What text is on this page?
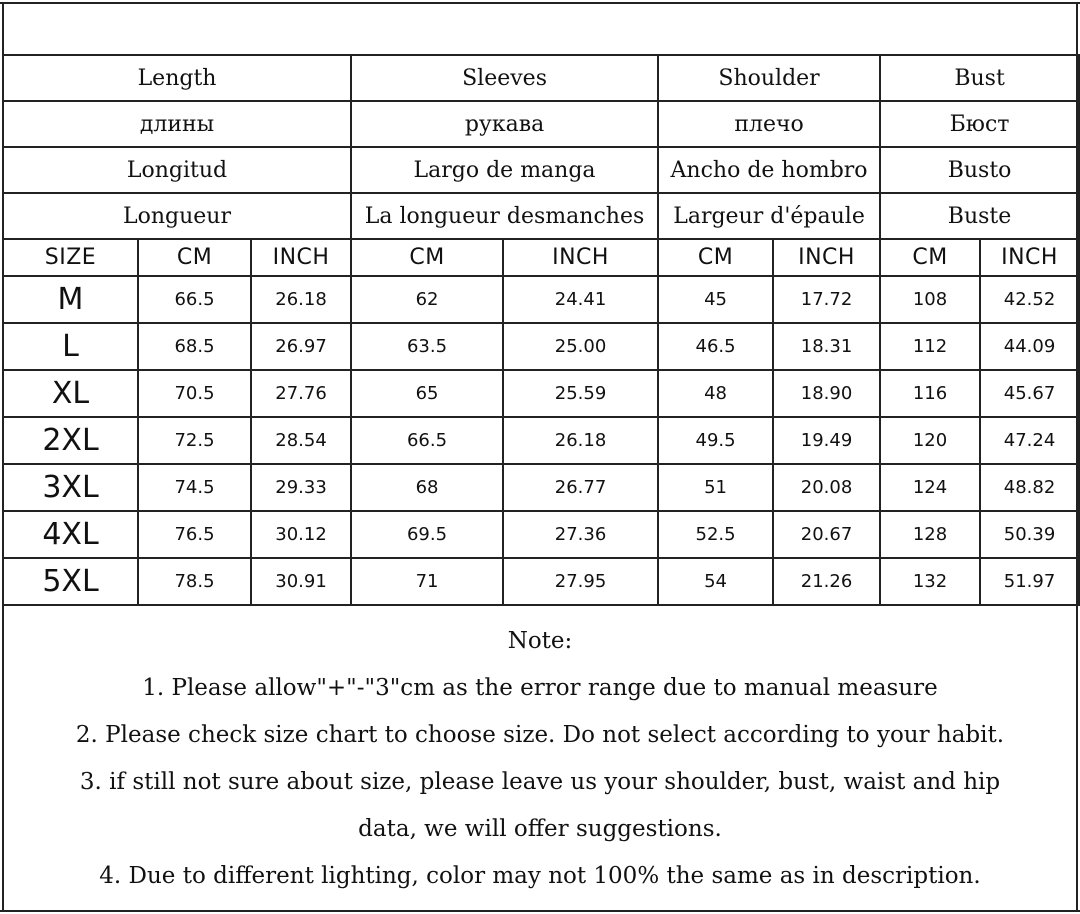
Length			Sleeves		Shoulder		Bust	
длины			рукава		плечо		Бюст	
Longitud			Largo de manga		Ancho de hombro		Busto	
Longueur			La longueur desmanches		Largeur d'épaule		Buste	
SIZE	CM	INCH	CM	INCH	CM	INCH	CM	INCH
M	66.5	26.18	62	24.41	45	17.72	108	42.52
L	68.5	26.97	63.5	25.00	46.5	18.31	112	44.09
XL	70.5	27.76	65	25.59	48	18.90	116	45.67
2XL	72.5	28.54	66.5	26.18	49.5	19.49	120	47.24
3XL	74.5	29.33	68	26.77	51	20.08	124	48.82
4XL	76.5	30.12	69.5	27.36	52.5	20.67	128	50.39
5XL	78.5	30.91	71	27.95	54	21.26	132	51.97
Note:
1. Please allow"+"-"3"cm as the error range due to manual measure
2. Please check size chart to choose size. Do not select according to your habit.
3. if still not sure about size, please leave us your shoulder, bust, waist and hip
data, we will offer suggestions.
4. Due to different lighting, color may not 100% the same as in description.
